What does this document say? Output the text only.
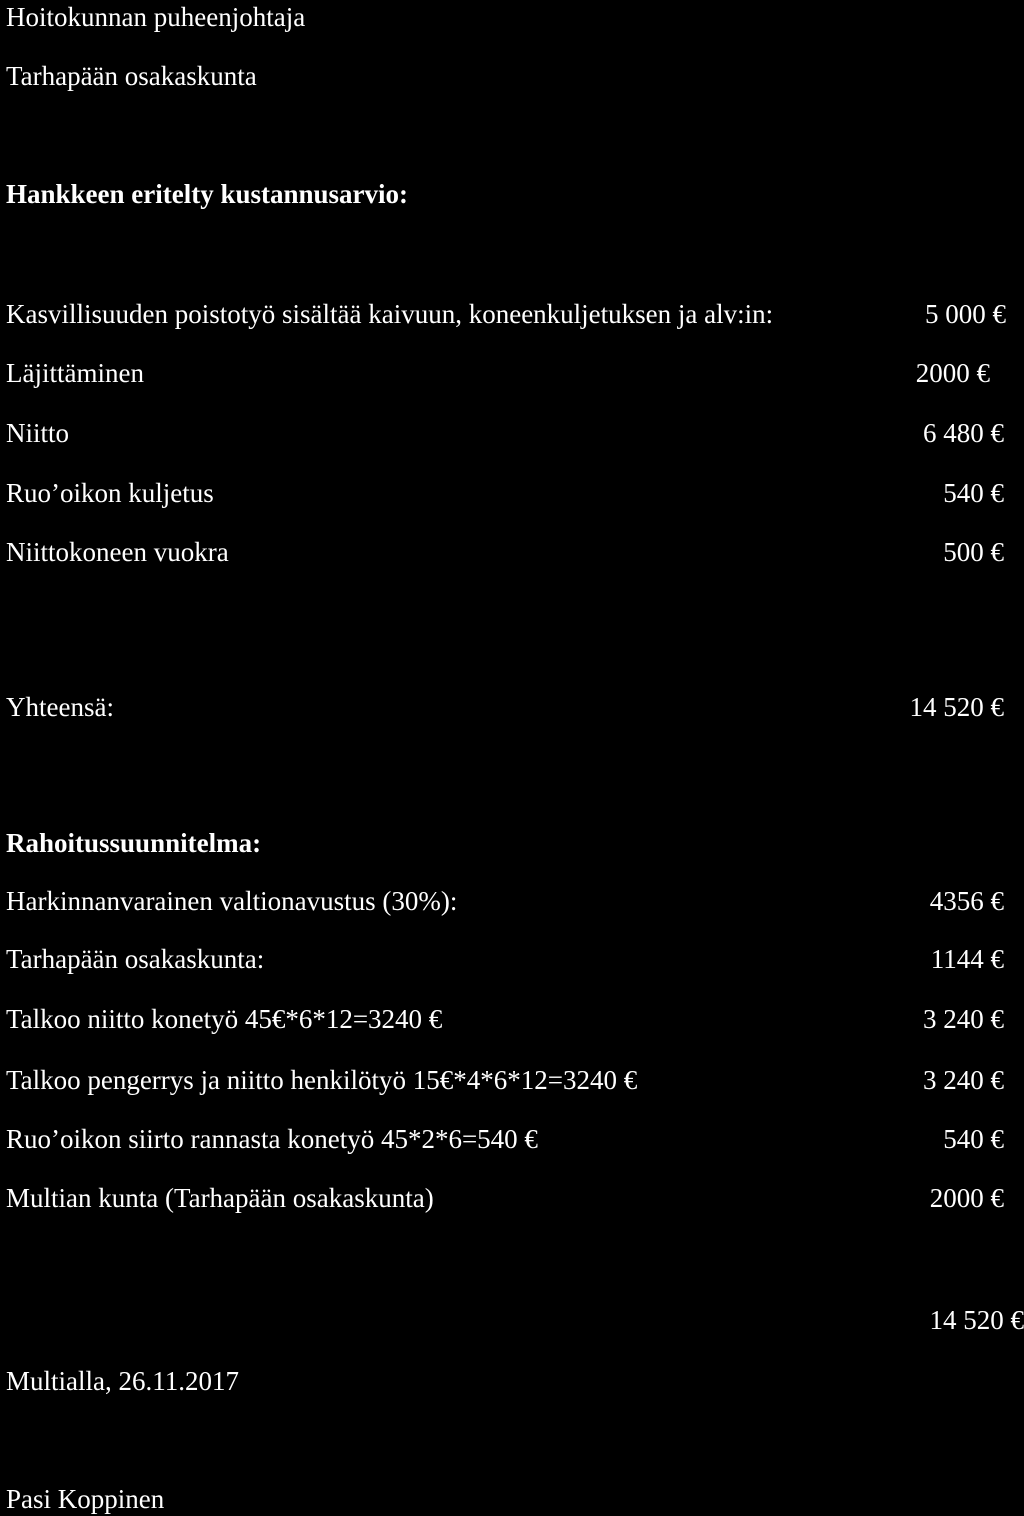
Hoitokunnan puheenjohtaja
Tarhapään osakaskunta
Hankkeen eritelty kustannusarvio:
Kasvillisuuden poistotyö sisältää kaivuun, koneenkuljetuksen ja alv:in:	5 000 €
Läjittäminen	2000 €
Niitto	6 480 €
Ruo’oikon kuljetus	540 €
Niittokoneen vuokra	500 €
Yhteensä:	14 520 €
Rahoitussuunnitelma:
Harkinnanvarainen valtionavustus (30%):	4356 €
Tarhapään osakaskunta:	1144 €
Talkoo niitto konetyö 45€*6*12=3240 €	3 240 €
Talkoo pengerrys ja niitto henkilötyö 15€*4*6*12=3240 €	3 240 €
Ruo’oikon siirto rannasta konetyö 45*2*6=540 €	540 €
Multian kunta (Tarhapään osakaskunta)	2000 €
14 520 €
Multialla, 26.11.2017
Pasi Koppinen
